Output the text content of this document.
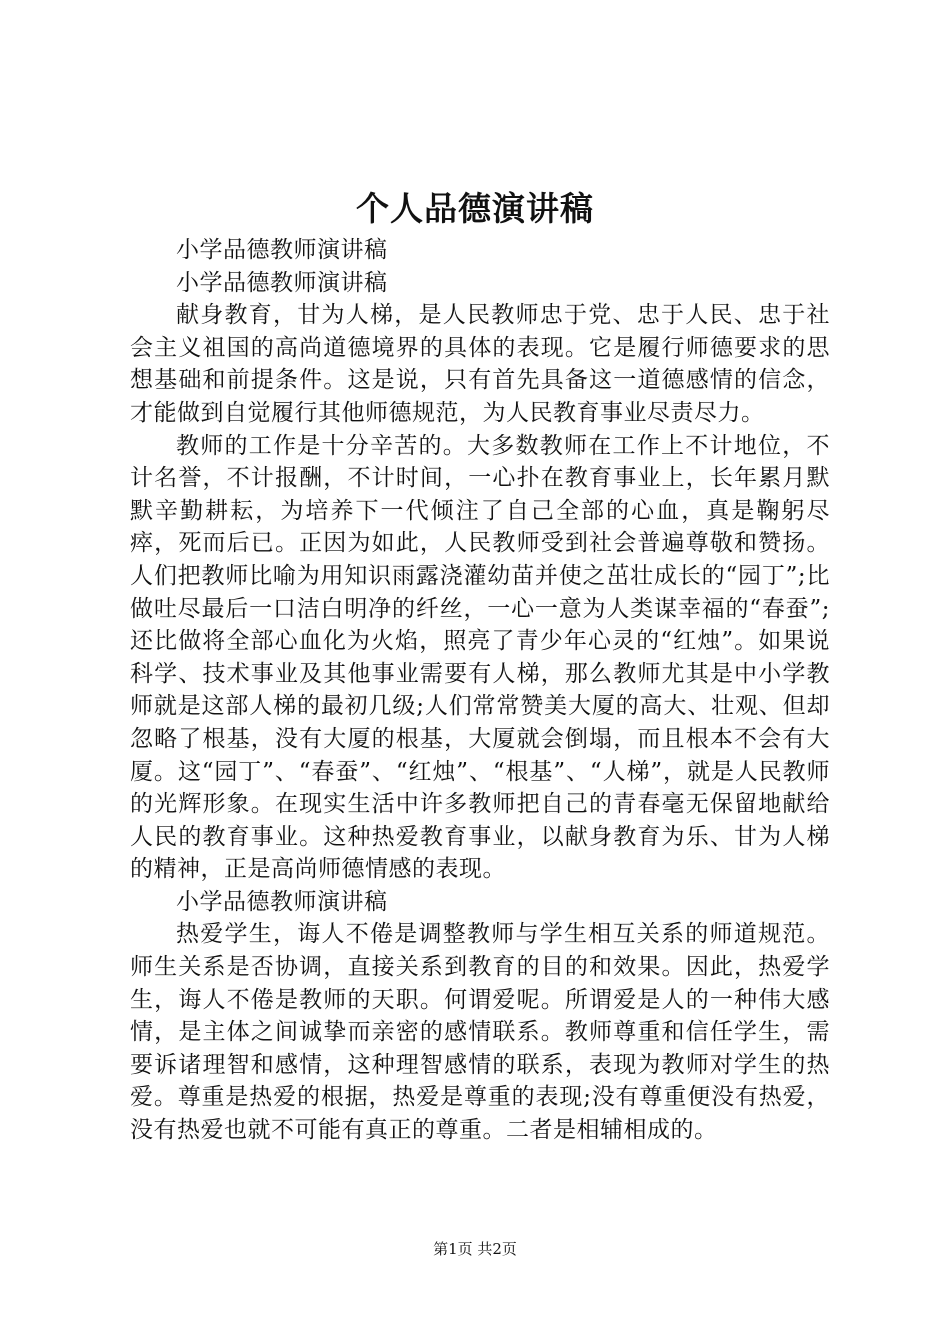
个人品德演讲稿

小学品德教师演讲稿

小学品德教师演讲稿

献身教育，甘为人梯，是人民教师忠于党、忠于人民、忠于社会主义祖国的高尚道德境界的具体的表现。它是履行师德要求的思想基础和前提条件。这是说，只有首先具备这一道德感情的信念，才能做到自觉履行其他师德规范，为人民教育事业尽责尽力。

教师的工作是十分辛苦的。大多数教师在工作上不计地位，不计名誉，不计报酬，不计时间，一心扑在教育事业上，长年累月默默辛勤耕耘，为培养下一代倾注了自己全部的心血，真是鞠躬尽瘁，死而后已。正因为如此，人民教师受到社会普遍尊敬和赞扬。人们把教师比喻为用知识雨露浇灌幼苗并使之茁壮成长的“园丁”;比做吐尽最后一口洁白明净的纤丝，一心一意为人类谋幸福的“春蚕”;还比做将全部心血化为火焰，照亮了青少年心灵的“红烛”。如果说科学、技术事业及其他事业需要有人梯，那么教师尤其是中小学教师就是这部人梯的最初几级;人们常常赞美大厦的高大、壮观、但却忽略了根基，没有大厦的根基，大厦就会倒塌，而且根本不会有大厦。这“园丁”、“春蚕”、“红烛”、“根基”、“人梯”，就是人民教师的光辉形象。在现实生活中许多教师把自己的青春毫无保留地献给人民的教育事业。这种热爱教育事业，以献身教育为乐、甘为人梯的精神，正是高尚师德情感的表现。

小学品德教师演讲稿

热爱学生，诲人不倦是调整教师与学生相互关系的师道规范。师生关系是否协调，直接关系到教育的目的和效果。因此，热爱学生，诲人不倦是教师的天职。何谓爱呢。所谓爱是人的一种伟大感情，是主体之间诚挚而亲密的感情联系。教师尊重和信任学生，需要诉诸理智和感情，这种理智感情的联系，表现为教师对学生的热爱。尊重是热爱的根据，热爱是尊重的表现;没有尊重便没有热爱，没有热爱也就不可能有真正的尊重。二者是相辅相成的。

第1页 共2页
